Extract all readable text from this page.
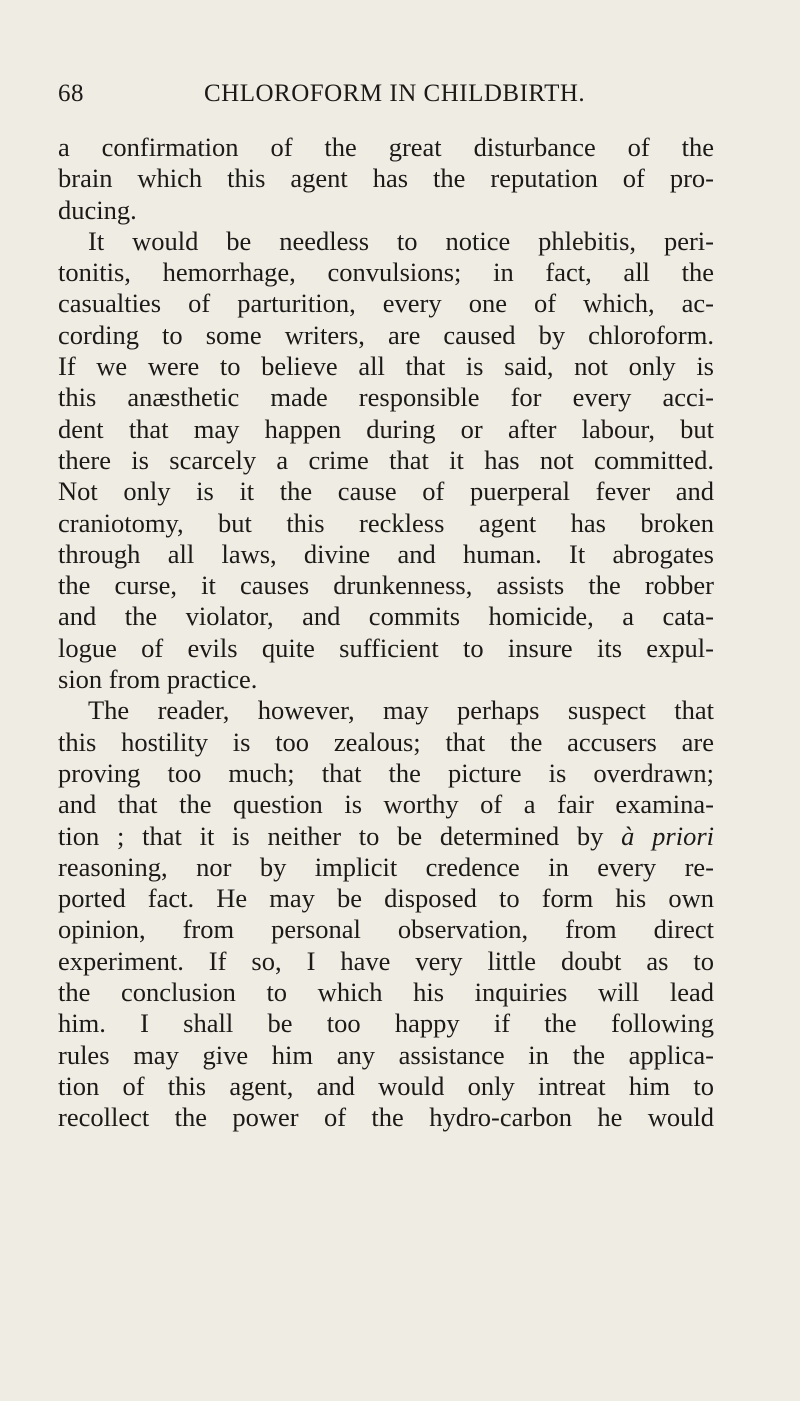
68	CHLOROFORM IN CHILDBIRTH.
a confirmation of the great disturbance of the
brain which this agent has the reputation of pro-
ducing.
It would be needless to notice phlebitis, peri-
tonitis, hemorrhage, convulsions; in fact, all the
casualties of parturition, every one of which, ac-
cording to some writers, are caused by chloroform.
If we were to believe all that is said, not only is
this anæsthetic made responsible for every acci-
dent that may happen during or after labour, but
there is scarcely a crime that it has not committed.
Not only is it the cause of puerperal fever and
craniotomy, but this reckless agent has broken
through all laws, divine and human. It abrogates
the curse, it causes drunkenness, assists the robber
and the violator, and commits homicide, a cata-
logue of evils quite sufficient to insure its expul-
sion from practice.
The reader, however, may perhaps suspect that
this hostility is too zealous; that the accusers are
proving too much; that the picture is overdrawn;
and that the question is worthy of a fair examina-
tion ; that it is neither to be determined by à priori
reasoning, nor by implicit credence in every re-
ported fact. He may be disposed to form his own
opinion, from personal observation, from direct
experiment. If so, I have very little doubt as to
the conclusion to which his inquiries will lead
him. I shall be too happy if the following
rules may give him any assistance in the applica-
tion of this agent, and would only intreat him to
recollect the power of the hydro-carbon he would
